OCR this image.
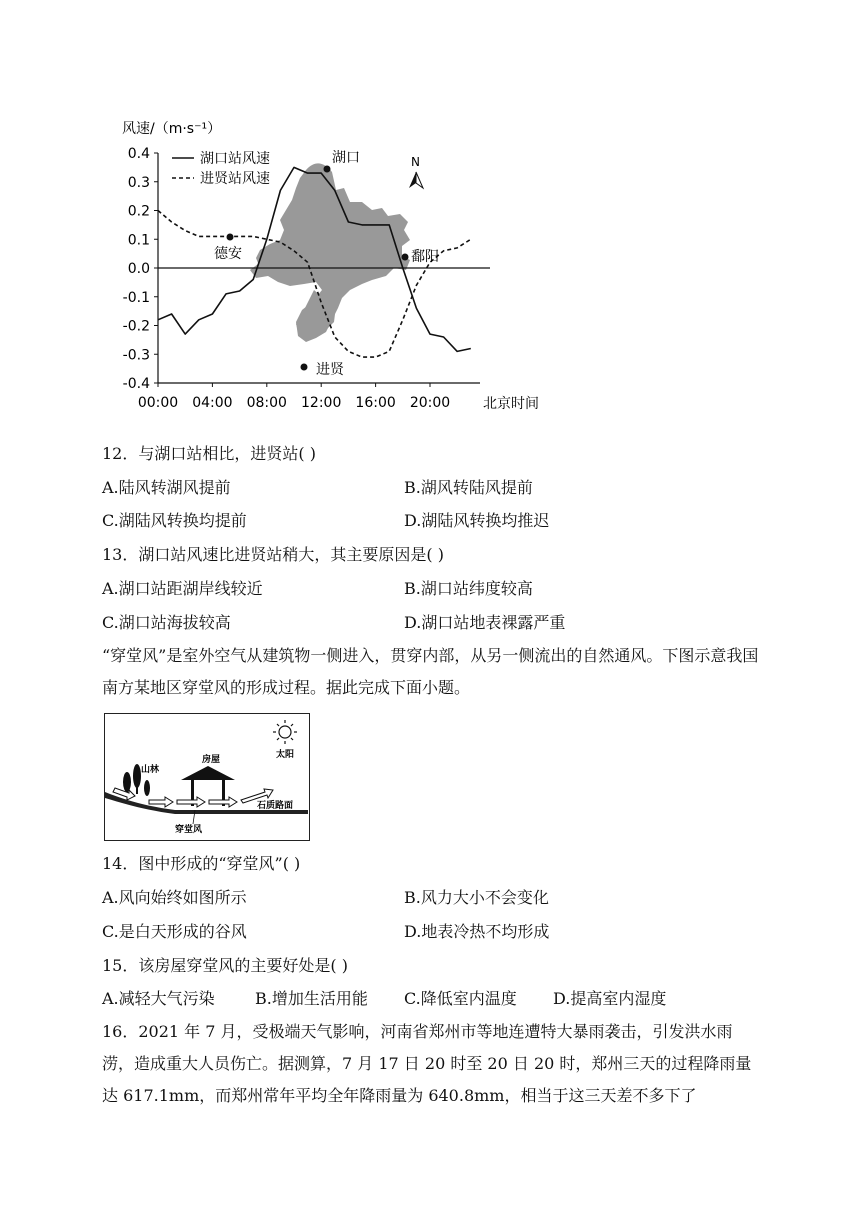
0.4
0.3
0.2
0.1
0.0
-0.1
-0.2
-0.3
-0.4
00:00 04:00 08:00 12:00 16:00 20:00
湖口站风速
进贤站风速
N
湖口
德安	鄱阳
进贤
风速/（m·s⁻¹）
北京时间
12．与湖口站相比，进贤站( )
A.陆风转湖风提前	B.湖风转陆风提前
C.湖陆风转换均提前	D.湖陆风转换均推迟
13．湖口站风速比进贤站稍大，其主要原因是( )
A.湖口站距湖岸线较近	B.湖口站纬度较高
C.湖口站海拔较高	D.湖口站地表裸露严重
“穿堂风”是室外空气从建筑物一侧进入，贯穿内部，从另一侧流出的自然通风。下图示意我国南方某地区穿堂风的形成过程。据此完成下面小题。
太阳
山林
房屋
石质路面
穿堂风
14．图中形成的“穿堂风”( )
A.风向始终如图所示	B.风力大小不会变化
C.是白天形成的谷风	D.地表冷热不均形成
15．该房屋穿堂风的主要好处是( )
A.减轻大气污染	B.增加生活用能 C.降低室内温度 D.提高室内湿度
16．2021 年 7 月，受极端天气影响，河南省郑州市等地连遭特大暴雨袭击，引发洪水雨涝，造成重大人员伤亡。据测算，7 月 17 日 20 时至 20 日 20 时，郑州三天的过程降雨量达 617.1mm，而郑州常年平均全年降雨量为 640.8mm，相当于这三天差不多下了
